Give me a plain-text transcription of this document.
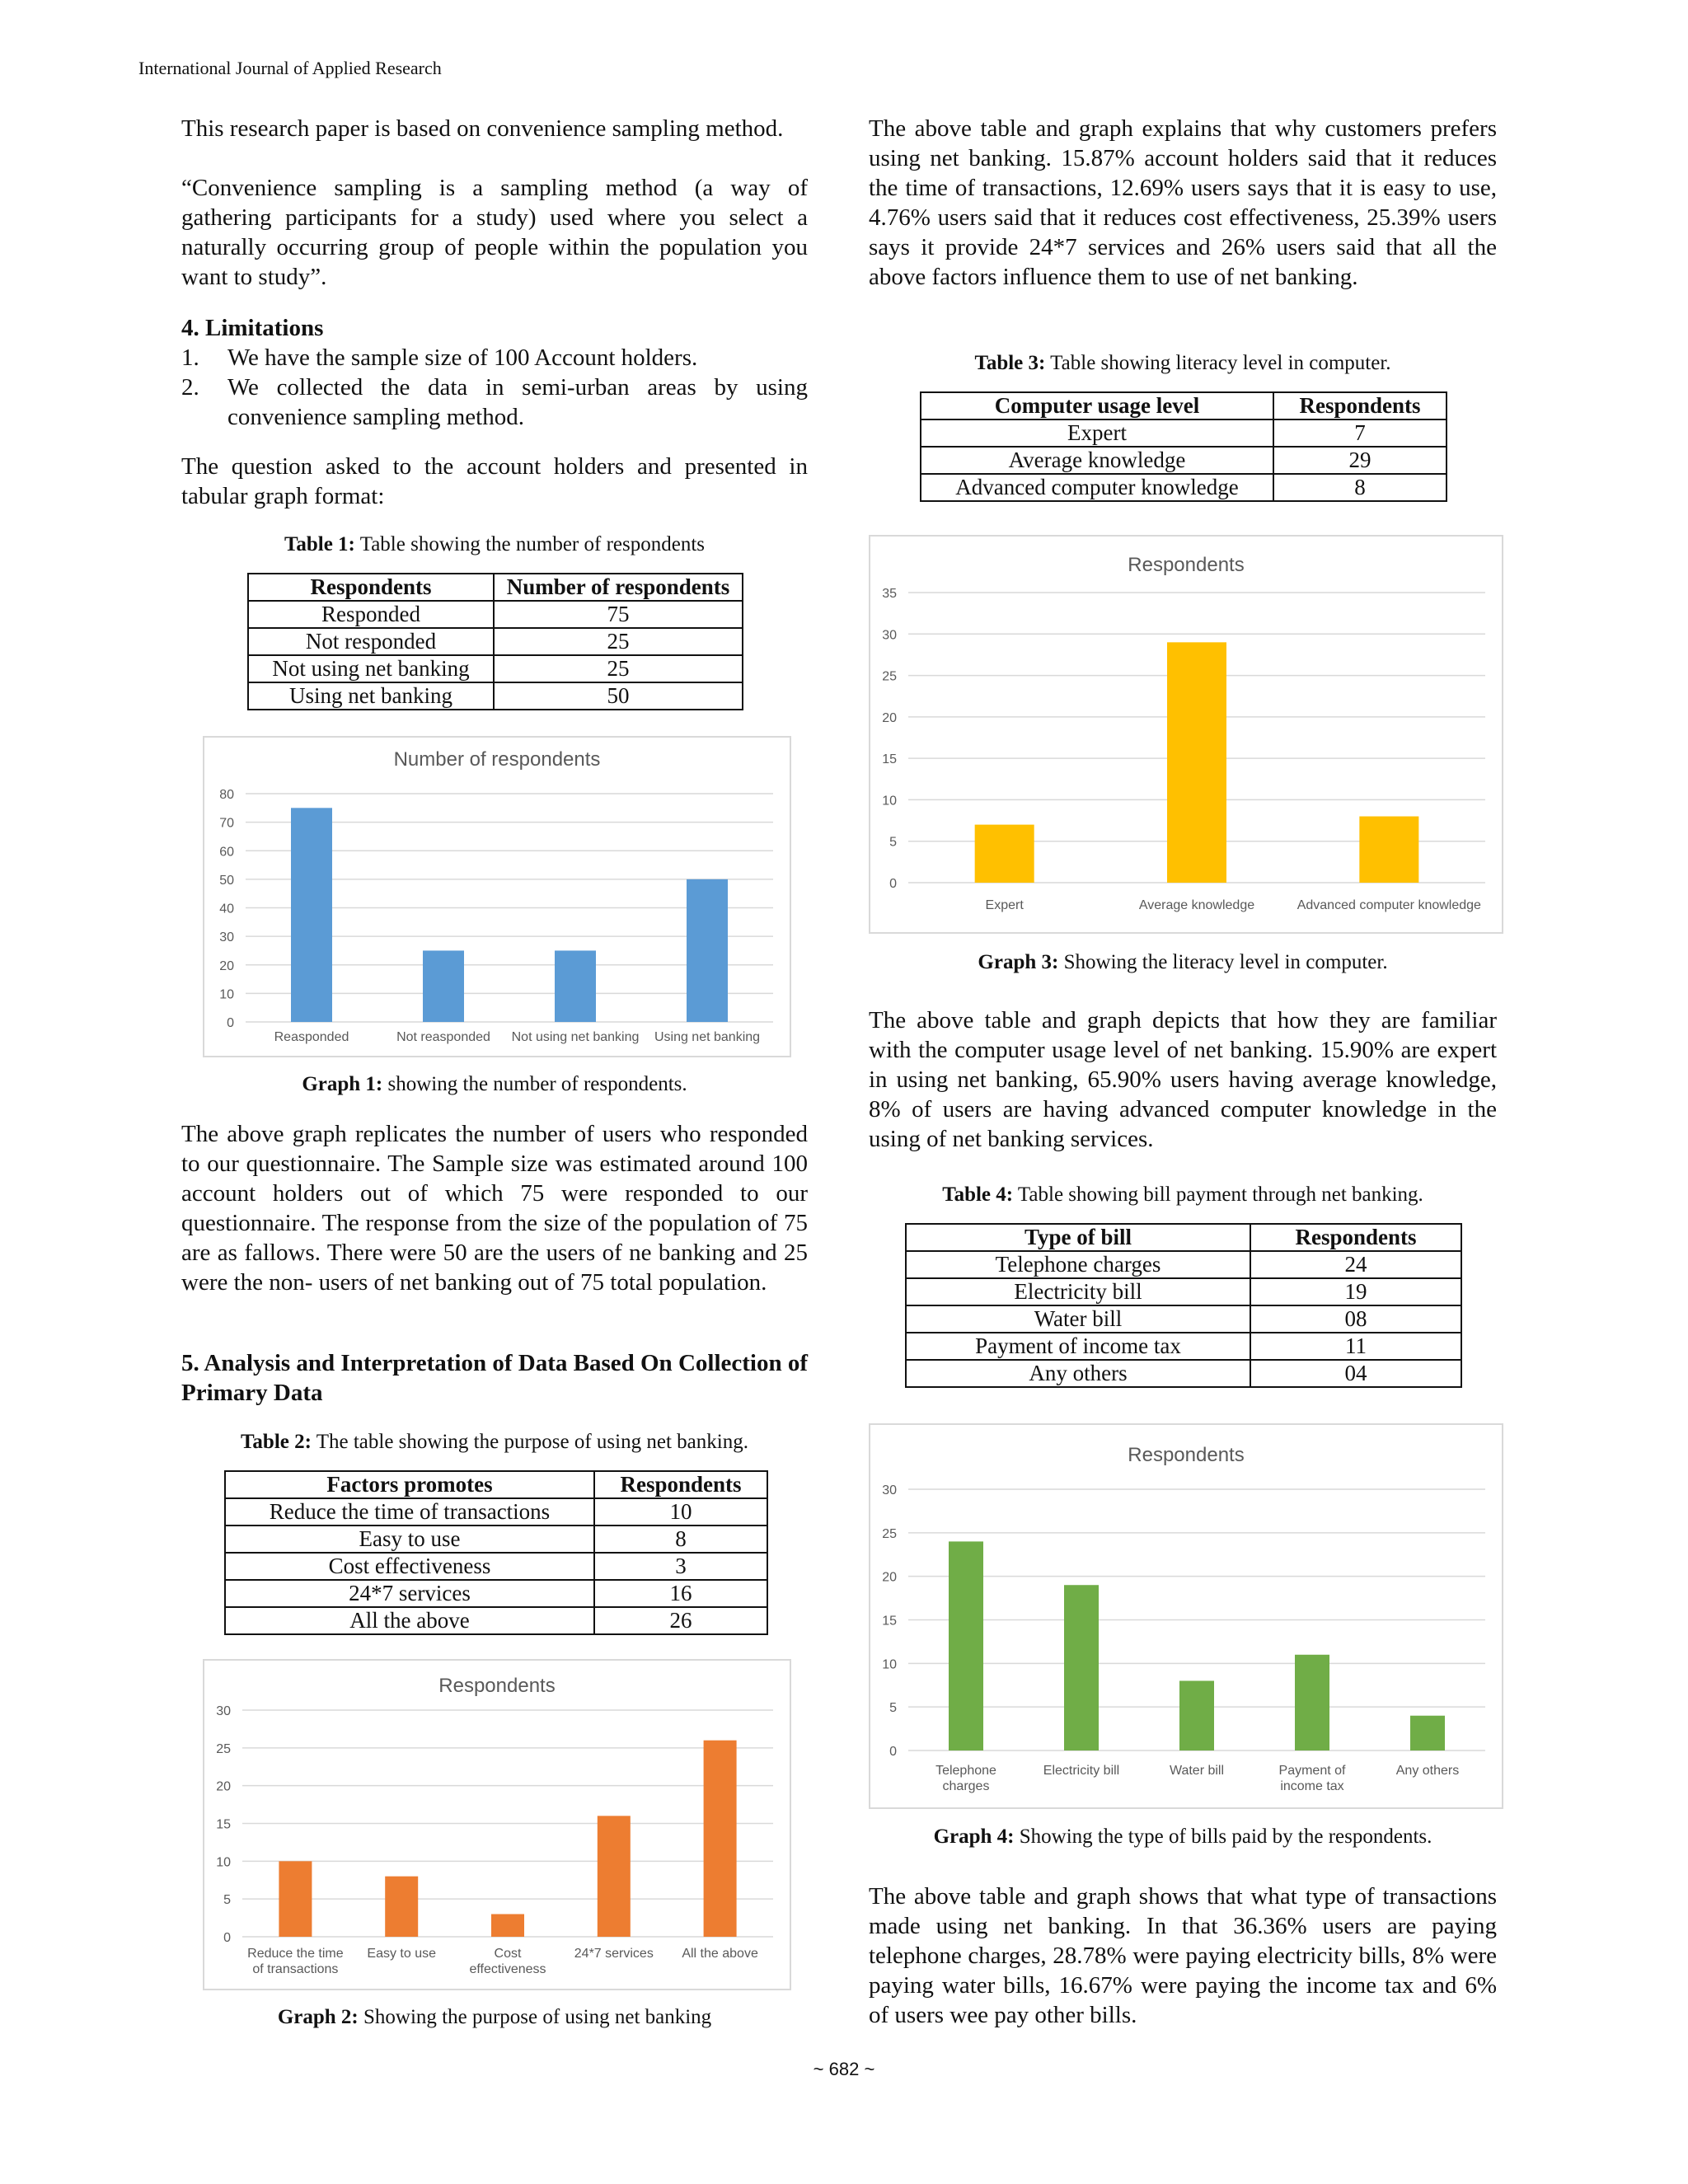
International Journal of Applied Research

This research paper is based on convenience sampling method.

“Convenience sampling is a sampling method (a way of gathering participants for a study) used where you select a naturally occurring group of people within the population you want to study”.

4. Limitations

1.	We have the sample size of 100 Account holders.
2.	We collected the data in semi-urban areas by using convenience sampling method.

The question asked to the account holders and presented in tabular graph format:

Table 1: Table showing the number of respondents

Respondents	Number of respondents
Responded	75
Not responded	25
Not using net banking	25
Using net banking	50
Number of respondents
0
10
20
30
40
50
60
70
80
Reasponded	Not reasponded Not using net banking Using net banking

Graph 1: showing the number of respondents.

The above graph replicates the number of users who responded to our questionnaire. The Sample size was estimated around 100 account holders out of which 75 were responded to our questionnaire. The response from the size of the population of 75 are as fallows. There were 50 are the users of ne banking and 25 were the non- users of net banking out of 75 total population.

5. Analysis and Interpretation of Data Based On Collection of Primary Data

Table 2: The table showing the purpose of using net banking.

Factors promotes	Respondents
Reduce the time of transactions	10
Easy to use	8
Cost effectiveness	3
24*7 services	16
All the above	26
Respondents
0
5
10
15
20
25
30
Reduce the time
of transactions
Easy to use	Cost
effectiveness
24*7 services All the above

Graph 2: Showing the purpose of using net banking

The above table and graph explains that why customers prefers using net banking. 15.87% account holders said that it reduces the time of transactions, 12.69% users says that it is easy to use, 4.76% users said that it reduces cost effectiveness, 25.39% users says it provide 24*7 services and 26% users said that all the above factors influence them to use of net banking.

Table 3: Table showing literacy level in computer.

Computer usage level	Respondents
Expert	7
Average knowledge	29
Advanced computer knowledge	8
Respondents
0
5
10
15
20
25
30
35
Expert	Average knowledge	Advanced computer knowledge

Graph 3: Showing the literacy level in computer.

The above table and graph depicts that how they are familiar with the computer usage level of net banking. 15.90% are expert in using net banking, 65.90% users having average knowledge, 8% of users are having advanced computer knowledge in the using of net banking services.

Table 4: Table showing bill payment through net banking.

Type of bill	Respondents
Telephone charges	24
Electricity bill	19
Water bill	08
Payment of income tax	11
Any others	04
Respondents
0
5
10
15
20
25
30
Telephone
charges
Electricity bill	Water bill	Payment of
income tax
Any others

Graph 4: Showing the type of bills paid by the respondents.

The above table and graph shows that what type of transactions made using net banking. In that 36.36% users are paying telephone charges, 28.78% were paying electricity bills, 8% were paying water bills, 16.67% were paying the income tax and 6% of users wee pay other bills.

~ 682 ~
